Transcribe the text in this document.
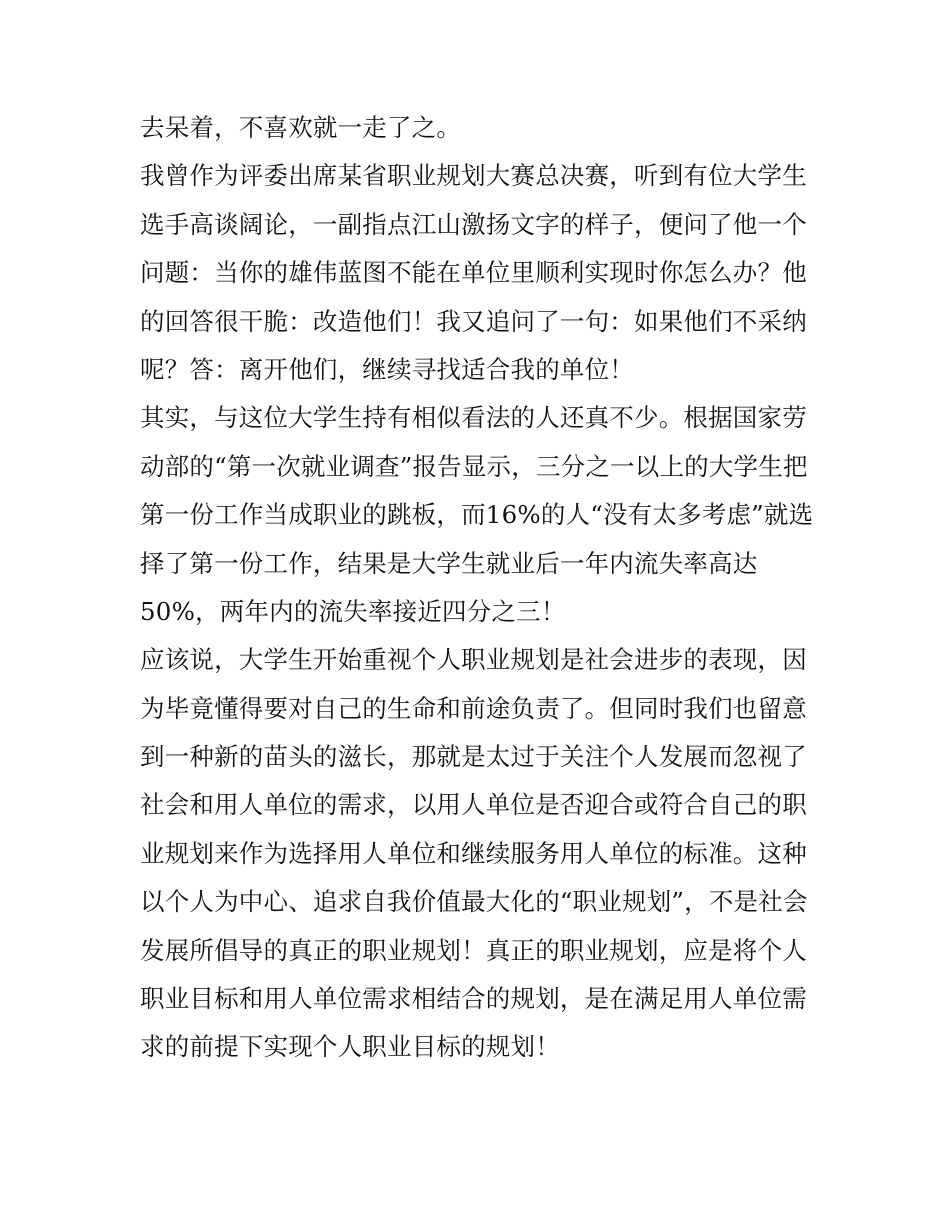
去呆着，不喜欢就一走了之。
我曾作为评委出席某省职业规划大赛总决赛，听到有位大学生
选手高谈阔论，一副指点江山激扬文字的样子，便问了他一个
问题：当你的雄伟蓝图不能在单位里顺利实现时你怎么办？他
的回答很干脆：改造他们！我又追问了一句：如果他们不采纳
呢？答：离开他们，继续寻找适合我的单位！
其实，与这位大学生持有相似看法的人还真不少。根据国家劳
动部的“第一次就业调查”报告显示，三分之一以上的大学生把
第一份工作当成职业的跳板，而16%的人“没有太多考虑”就选
择了第一份工作，结果是大学生就业后一年内流失率高达
50%，两年内的流失率接近四分之三！
应该说，大学生开始重视个人职业规划是社会进步的表现，因
为毕竟懂得要对自己的生命和前途负责了。但同时我们也留意
到一种新的苗头的滋长，那就是太过于关注个人发展而忽视了
社会和用人单位的需求，以用人单位是否迎合或符合自己的职
业规划来作为选择用人单位和继续服务用人单位的标准。这种
以个人为中心、追求自我价值最大化的“职业规划”，不是社会
发展所倡导的真正的职业规划！真正的职业规划，应是将个人
职业目标和用人单位需求相结合的规划，是在满足用人单位需
求的前提下实现个人职业目标的规划！
